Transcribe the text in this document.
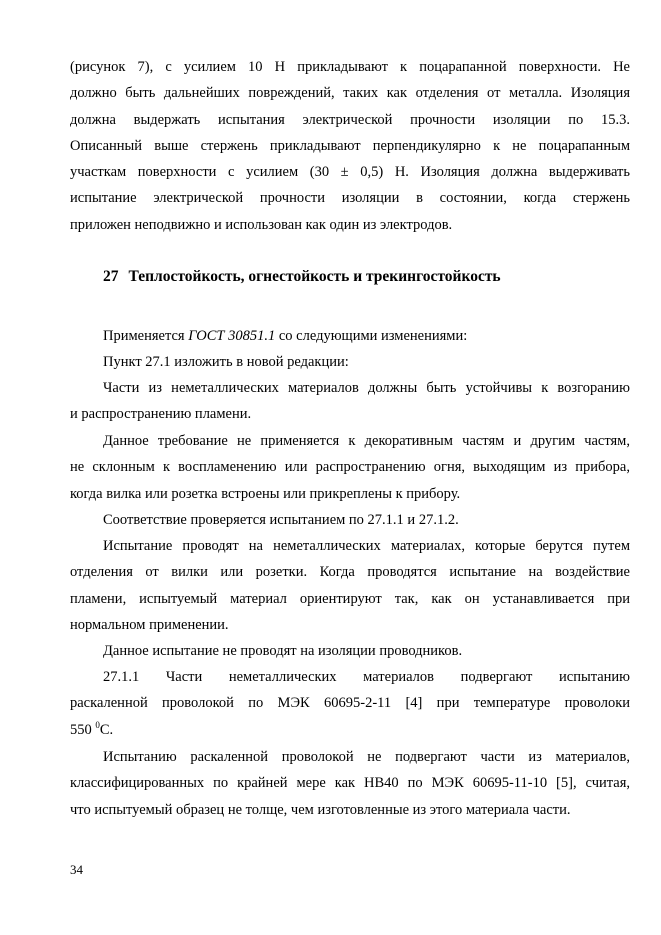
(рисунок 7), с усилием 10 Н прикладывают к поцарапанной поверхности. Не
должно быть дальнейших повреждений, таких как отделения от металла. Изоляция
должна выдержать испытания электрической прочности изоляции по 15.3.
Описанный выше стержень прикладывают перпендикулярно к не поцарапанным
участкам поверхности с усилием (30 ± 0,5) Н. Изоляция должна выдерживать
испытание электрической прочности изоляции в состоянии, когда стержень
приложен неподвижно и использован как один из электродов.
27 Теплостойкость, огнестойкость и трекингостойкость
Применяется ГОСТ 30851.1 со следующими изменениями:
Пункт 27.1 изложить в новой редакции:
Части из неметаллических материалов должны быть устойчивы к возгоранию
и распространению пламени.
Данное требование не применяется к декоративным частям и другим частям,
не склонным к воспламенению или распространению огня, выходящим из прибора,
когда вилка или розетка встроены или прикреплены к прибору.
Соответствие проверяется испытанием по 27.1.1 и 27.1.2.
Испытание проводят на неметаллических материалах, которые берутся путем
отделения от вилки или розетки. Когда проводятся испытание на воздействие
пламени, испытуемый материал ориентируют так, как он устанавливается при
нормальном применении.
Данное испытание не проводят на изоляции проводников.
27.1.1 Части неметаллических материалов подвергают испытанию
раскаленной проволокой по МЭК 60695-2-11 [4] при температуре проволоки
550 $^0$С.
Испытанию раскаленной проволокой не подвергают части из материалов,
классифицированных по крайней мере как НВ40 по МЭК 60695-11-10 [5], считая,
что испытуемый образец не толще, чем изготовленные из этого материала части.
34
